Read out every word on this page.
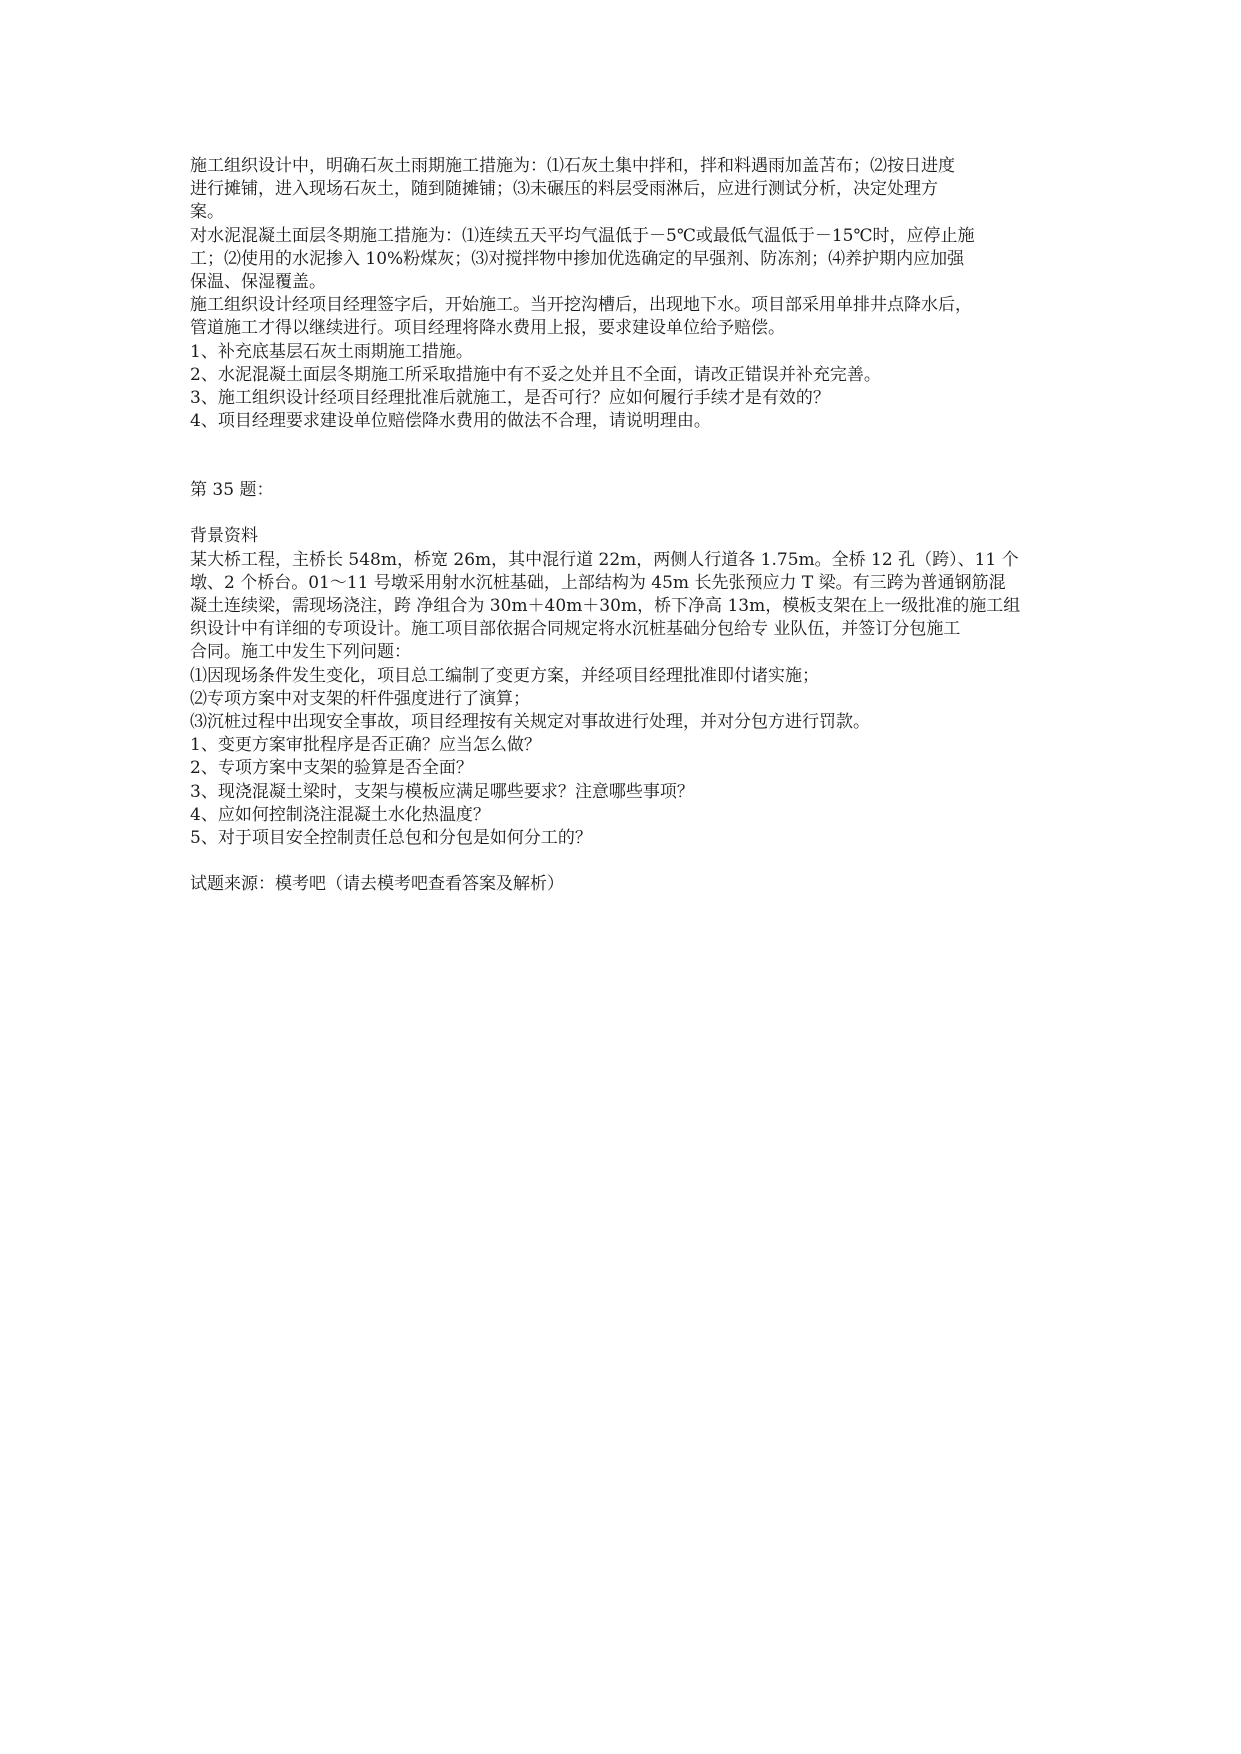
施工组织设计中，明确石灰土雨期施工措施为：⑴石灰土集中拌和，拌和料遇雨加盖苫布；⑵按日进度
进行摊铺，进入现场石灰土，随到随摊铺；⑶未碾压的料层受雨淋后，应进行测试分析，决定处理方
案。
对水泥混凝土面层冬期施工措施为：⑴连续五天平均气温低于－5℃或最低气温低于－15℃时，应停止施
工；⑵使用的水泥掺入 10%粉煤灰；⑶对搅拌物中掺加优选确定的早强剂、防冻剂；⑷养护期内应加强
保温、保湿覆盖。
施工组织设计经项目经理签字后，开始施工。当开挖沟槽后，出现地下水。项目部采用单排井点降水后，
管道施工才得以继续进行。项目经理将降水费用上报，要求建设单位给予赔偿。
1、补充底基层石灰土雨期施工措施。
2、水泥混凝土面层冬期施工所采取措施中有不妥之处并且不全面，请改正错误并补充完善。
3、施工组织设计经项目经理批准后就施工，是否可行？应如何履行手续才是有效的？
4、项目经理要求建设单位赔偿降水费用的做法不合理，请说明理由。
第 35 题：
背景资料
某大桥工程，主桥长 548m，桥宽 26m，其中混行道 22m，两侧人行道各 1.75m。全桥 12 孔（跨）、11 个
墩、2 个桥台。01～11 号墩采用射水沉桩基础，上部结构为 45m 长先张预应力 T 梁。有三跨为普通钢筋混
凝土连续梁，需现场浇注，跨 净组合为 30m＋40m＋30m，桥下净高 13m，模板支架在上一级批准的施工组
织设计中有详细的专项设计。施工项目部依据合同规定将水沉桩基础分包给专 业队伍，并签订分包施工
合同。施工中发生下列问题：
⑴因现场条件发生变化，项目总工编制了变更方案，并经项目经理批准即付诸实施；
⑵专项方案中对支架的杆件强度进行了演算；
⑶沉桩过程中出现安全事故，项目经理按有关规定对事故进行处理，并对分包方进行罚款。
1、变更方案审批程序是否正确？应当怎么做？
2、专项方案中支架的验算是否全面？
3、现浇混凝土梁时，支架与模板应满足哪些要求？注意哪些事项？
4、应如何控制浇注混凝土水化热温度？
5、对于项目安全控制责任总包和分包是如何分工的？
试题来源：模考吧（请去模考吧查看答案及解析）
